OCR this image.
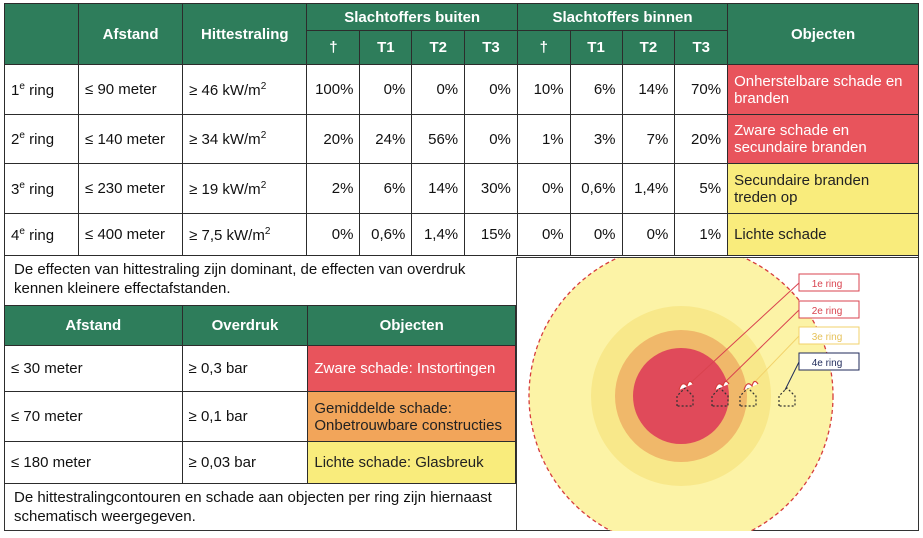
	Afstand	Hittestraling	Slachtoffers buiten				Slachtoffers binnen				Objecten
			†	T1	T2	T3	†	T1	T2	T3	
1e ring	≤ 90 meter	≥ 46 $kW/m^2$	100%	0%	0%	0%	10%	6%	14%	70%	Onherstelbare schade en branden
2e ring	≤ 140 meter	≥ 34 $kW/m^2$	20%	24%	56%	0%	1%	3%	7%	20%	Zware schade en secundaire branden
3e ring	≤ 230 meter	≥ 19 $kW/m^2$	2%	6%	14%	30%	0%	0,6%	1,4%	5%	Secundaire branden treden op
4e ring	≤ 400 meter	≥ 7,5 $kW/m^2$	0%	0,6%	1,4%	15%	0%	0%	0%	1%	Lichte schade
De effecten van hittestraling zijn dominant, de effecten van overdruk kennen kleinere effectafstanden.
Afstand	Overdruk	Objecten
≤ 30 meter	≥ 0,3 bar	Zware schade: Instortingen
≤ 70 meter	≥ 0,1 bar	Gemiddelde schade: Onbetrouwbare constructies
≤ 180 meter	≥ 0,03 bar	Lichte schade: Glasbreuk
De hittestralingcontouren en schade aan objecten per ring zijn hiernaast schematisch weergegeven.
1e ring
2e ring
3e ring
4e ring
